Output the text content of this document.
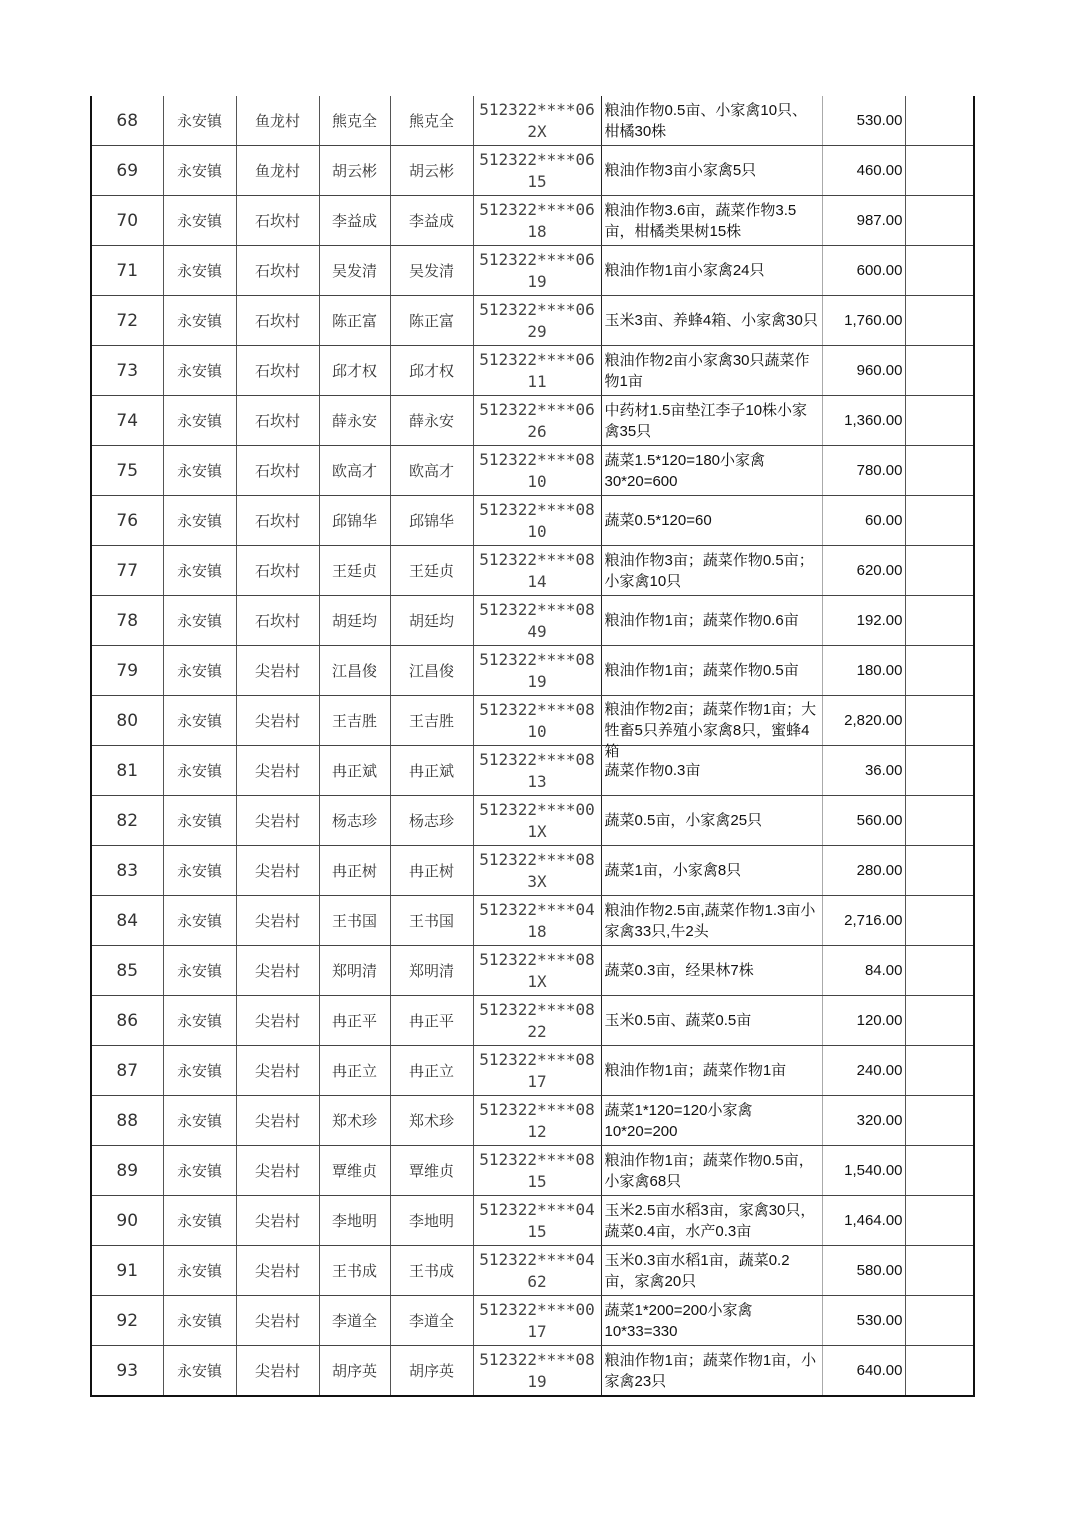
68	永安镇	鱼龙村	熊克全	熊克全	512322****062X	粮油作物0.5亩、小家禽10只、柑橘30株	530.00	
69	永安镇	鱼龙村	胡云彬	胡云彬	512322****0615	粮油作物3亩小家禽5只	460.00	
70	永安镇	石坎村	李益成	李益成	512322****0618	粮油作物3.6亩，蔬菜作物3.5亩，柑橘类果树15株	987.00	
71	永安镇	石坎村	吴发清	吴发清	512322****0619	粮油作物1亩小家禽24只	600.00	
72	永安镇	石坎村	陈正富	陈正富	512322****0629	玉米3亩、养蜂4箱、小家禽30只	1,760.00	
73	永安镇	石坎村	邱才权	邱才权	512322****0611	粮油作物2亩小家禽30只蔬菜作物1亩	960.00	
74	永安镇	石坎村	薛永安	薛永安	512322****0626	中药材1.5亩垫江李子10株小家禽35只	1,360.00	
75	永安镇	石坎村	欧高才	欧高才	512322****0810	蔬菜1.5*120=180小家禽30*20=600	780.00	
76	永安镇	石坎村	邱锦华	邱锦华	512322****0810	蔬菜0.5*120=60	60.00	
77	永安镇	石坎村	王廷贞	王廷贞	512322****0814	粮油作物3亩；蔬菜作物0.5亩；小家禽10只	620.00	
78	永安镇	石坎村	胡廷均	胡廷均	512322****0849	粮油作物1亩；蔬菜作物0.6亩	192.00	
79	永安镇	尖岩村	江昌俊	江昌俊	512322****0819	粮油作物1亩；蔬菜作物0.5亩	180.00	
80	永安镇	尖岩村	王吉胜	王吉胜	512322****0810	粮油作物2亩；蔬菜作物1亩；大牲畜5只养殖小家禽8只，蜜蜂4箱	2,820.00	
81	永安镇	尖岩村	冉正斌	冉正斌	512322****0813	蔬菜作物0.3亩	36.00	
82	永安镇	尖岩村	杨志珍	杨志珍	512322****001X	蔬菜0.5亩，小家禽25只	560.00	
83	永安镇	尖岩村	冉正树	冉正树	512322****083X	蔬菜1亩，小家禽8只	280.00	
84	永安镇	尖岩村	王书国	王书国	512322****0418	粮油作物2.5亩,蔬菜作物1.3亩小家禽33只,牛2头	2,716.00	
85	永安镇	尖岩村	郑明清	郑明清	512322****081X	蔬菜0.3亩，经果林7株	84.00	
86	永安镇	尖岩村	冉正平	冉正平	512322****0822	玉米0.5亩、蔬菜0.5亩	120.00	
87	永安镇	尖岩村	冉正立	冉正立	512322****0817	粮油作物1亩；蔬菜作物1亩	240.00	
88	永安镇	尖岩村	郑术珍	郑术珍	512322****0812	蔬菜1*120=120小家禽10*20=200	320.00	
89	永安镇	尖岩村	覃维贞	覃维贞	512322****0815	粮油作物1亩；蔬菜作物0.5亩，小家禽68只	1,540.00	
90	永安镇	尖岩村	李地明	李地明	512322****0415	玉米2.5亩水稻3亩，家禽30只，蔬菜0.4亩，水产0.3亩	1,464.00	
91	永安镇	尖岩村	王书成	王书成	512322****0462	玉米0.3亩水稻1亩，蔬菜0.2亩，家禽20只	580.00	
92	永安镇	尖岩村	李道全	李道全	512322****0017	蔬菜1*200=200小家禽10*33=330	530.00	
93	永安镇	尖岩村	胡序英	胡序英	512322****0819	粮油作物1亩；蔬菜作物1亩，小家禽23只	640.00	
